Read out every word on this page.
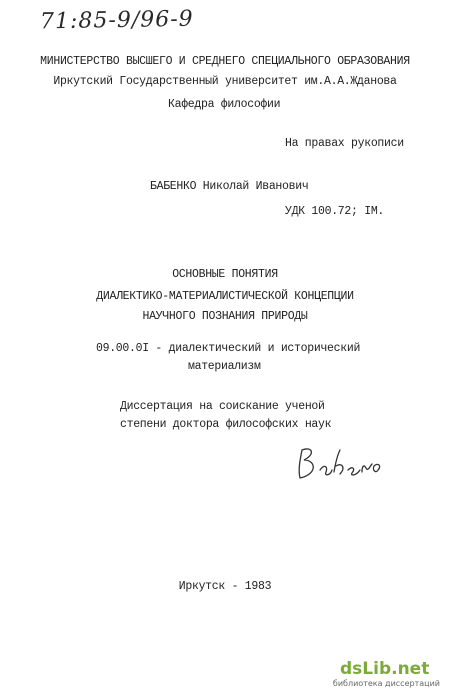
71:85-9/96-9
МИНИСТЕРСТВО ВЫСШЕГО И СРЕДНЕГО СПЕЦИАЛЬНОГО ОБРАЗОВАНИЯ
Иркутский Государственный университет им.А.А.Жданова
Кафедра философии
На правах рукописи
БАБЕНКО Николай Иванович
УДК 100.72; IМ.
ОСНОВНЫЕ ПОНЯТИЯ
ДИАЛЕКТИКО-МАТЕРИАЛИСТИЧЕСКОЙ КОНЦЕПЦИИ
НАУЧНОГО ПОЗНАНИЯ ПРИРОДЫ
09.00.0I - диалектический и исторический
материализм
Диссертация на соискание ученой
степени доктора философских наук
Иркутск - 1983
dsLib.net
библиотека диссертаций
